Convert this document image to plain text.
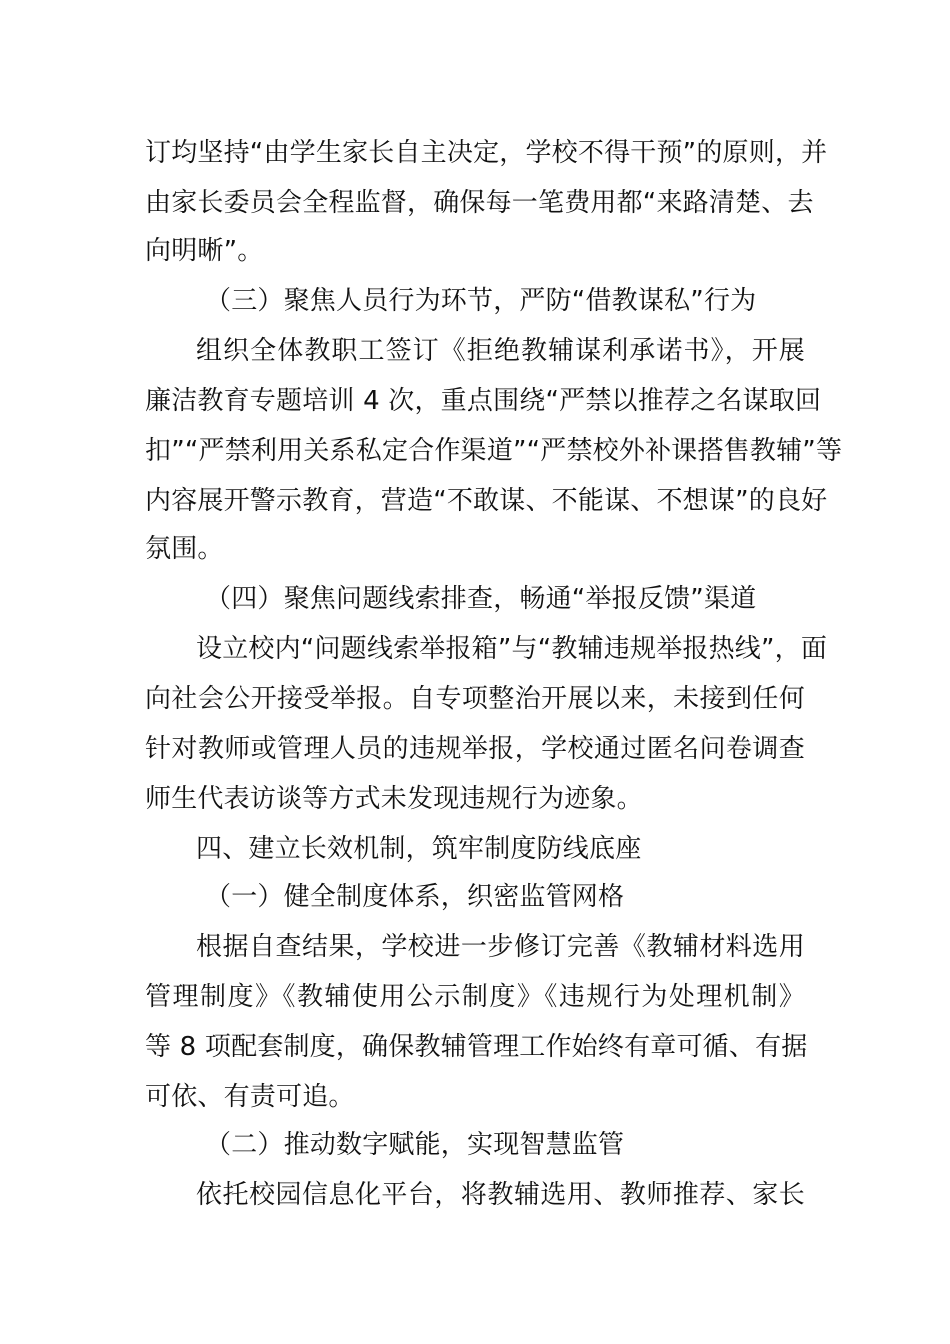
订均坚持“由学生家长自主决定，学校不得干预”的原则，并
由家长委员会全程监督，确保每一笔费用都“来路清楚、去
向明晰”。
（三）聚焦人员行为环节，严防“借教谋私”行为
组织全体教职工签订《拒绝教辅谋利承诺书》，开展
廉洁教育专题培训 4 次，重点围绕“严禁以推荐之名谋取回
扣”“严禁利用关系私定合作渠道”“严禁校外补课搭售教辅”等
内容展开警示教育，营造“不敢谋、不能谋、不想谋”的良好
氛围。
（四）聚焦问题线索排查，畅通“举报反馈”渠道
设立校内“问题线索举报箱”与“教辅违规举报热线”，面
向社会公开接受举报。自专项整治开展以来，未接到任何
针对教师或管理人员的违规举报，学校通过匿名问卷调查
师生代表访谈等方式未发现违规行为迹象。
四、建立长效机制，筑牢制度防线底座
（一）健全制度体系，织密监管网格
根据自查结果，学校进一步修订完善《教辅材料选用
管理制度》《教辅使用公示制度》《违规行为处理机制》
等 8 项配套制度，确保教辅管理工作始终有章可循、有据
可依、有责可追。
（二）推动数字赋能，实现智慧监管
依托校园信息化平台，将教辅选用、教师推荐、家长
